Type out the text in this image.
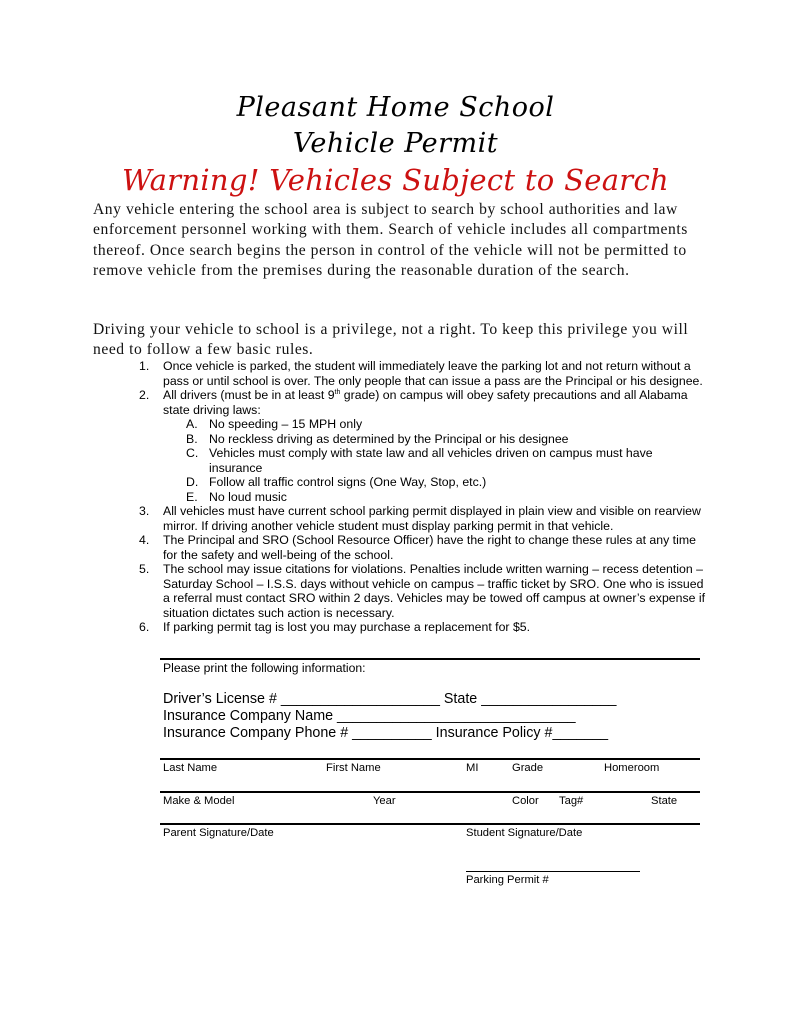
Pleasant Home School
Vehicle Permit
Warning! Vehicles Subject to Search
Any vehicle entering the school area is subject to search by school authorities and law enforcement personnel working with them. Search of vehicle includes all compartments thereof. Once search begins the person in control of the vehicle will not be permitted to remove vehicle from the premises during the reasonable duration of the search.
Driving your vehicle to school is a privilege, not a right. To keep this privilege you will need to follow a few basic rules.
1. Once vehicle is parked, the student will immediately leave the parking lot and not return without a pass or until school is over. The only people that can issue a pass are the Principal or his designee.
2. All drivers (must be in at least 9th grade) on campus will obey safety precautions and all Alabama state driving laws:
A. No speeding – 15 MPH only
B. No reckless driving as determined by the Principal or his designee
C. Vehicles must comply with state law and all vehicles driven on campus must have insurance
D. Follow all traffic control signs (One Way, Stop, etc.)
E. No loud music
3. All vehicles must have current school parking permit displayed in plain view and visible on rearview mirror. If driving another vehicle student must display parking permit in that vehicle.
4. The Principal and SRO (School Resource Officer) have the right to change these rules at any time for the safety and well-being of the school.
5. The school may issue citations for violations. Penalties include written warning – recess detention – Saturday School – I.S.S. days without vehicle on campus – traffic ticket by SRO. One who is issued a referral must contact SRO within 2 days. Vehicles may be towed off campus at owner’s expense if situation dictates such action is necessary.
6. If parking permit tag is lost you may purchase a replacement for $5.
Please print the following information:
Driver’s License # ____________________ State _________________
Insurance Company Name ______________________________
Insurance Company Phone # __________ Insurance Policy #_______
Last Name	First Name	MI	Grade	Homeroom
Make & Model	Year	Color Tag#	State
Parent Signature/Date	Student Signature/Date
Parking Permit #
